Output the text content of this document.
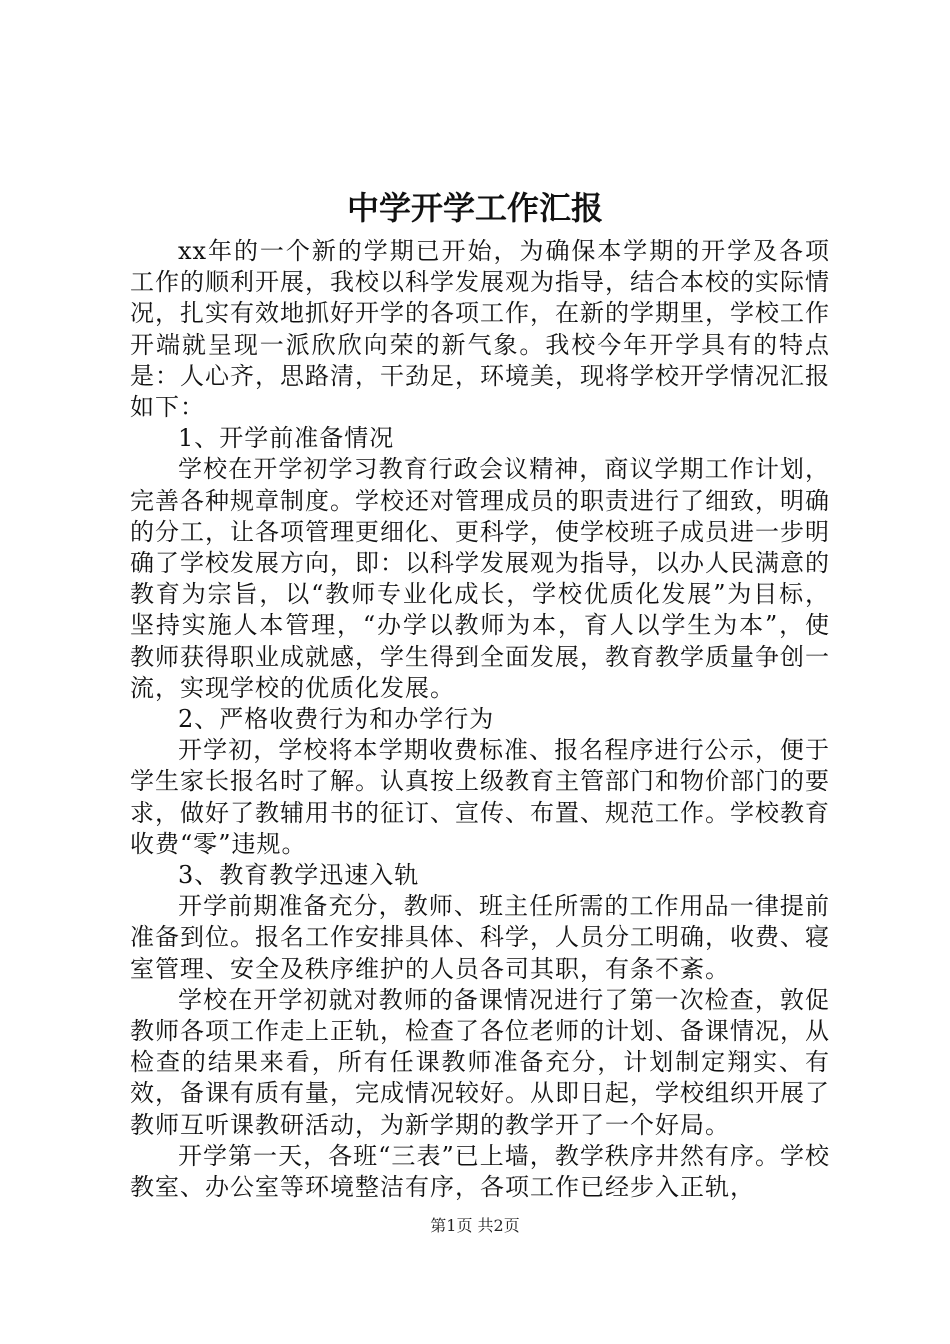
中学开学工作汇报

xx年的一个新的学期已开始，为确保本学期的开学及各项工作的顺利开展，我校以科学发展观为指导，结合本校的实际情况，扎实有效地抓好开学的各项工作，在新的学期里，学校工作开端就呈现一派欣欣向荣的新气象。我校今年开学具有的特点是：人心齐，思路清，干劲足，环境美，现将学校开学情况汇报如下：

1、开学前准备情况

学校在开学初学习教育行政会议精神，商议学期工作计划，完善各种规章制度。学校还对管理成员的职责进行了细致，明确的分工，让各项管理更细化、更科学，使学校班子成员进一步明确了学校发展方向，即：以科学发展观为指导，以办人民满意的教育为宗旨，以“教师专业化成长，学校优质化发展”为目标，坚持实施人本管理，“办学以教师为本，育人以学生为本”，使教师获得职业成就感，学生得到全面发展，教育教学质量争创一流，实现学校的优质化发展。

2、严格收费行为和办学行为

开学初，学校将本学期收费标准、报名程序进行公示，便于学生家长报名时了解。认真按上级教育主管部门和物价部门的要求，做好了教辅用书的征订、宣传、布置、规范工作。学校教育收费“零”违规。

3、教育教学迅速入轨

开学前期准备充分，教师、班主任所需的工作用品一律提前准备到位。报名工作安排具体、科学，人员分工明确，收费、寝室管理、安全及秩序维护的人员各司其职，有条不紊。

学校在开学初就对教师的备课情况进行了第一次检查，敦促教师各项工作走上正轨，检查了各位老师的计划、备课情况，从检查的结果来看，所有任课教师准备充分，计划制定翔实、有效，备课有质有量，完成情况较好。从即日起，学校组织开展了教师互听课教研活动，为新学期的教学开了一个好局。

开学第一天，各班“三表”已上墙，教学秩序井然有序。学校教室、办公室等环境整洁有序，各项工作已经步入正轨，

第1页 共2页
